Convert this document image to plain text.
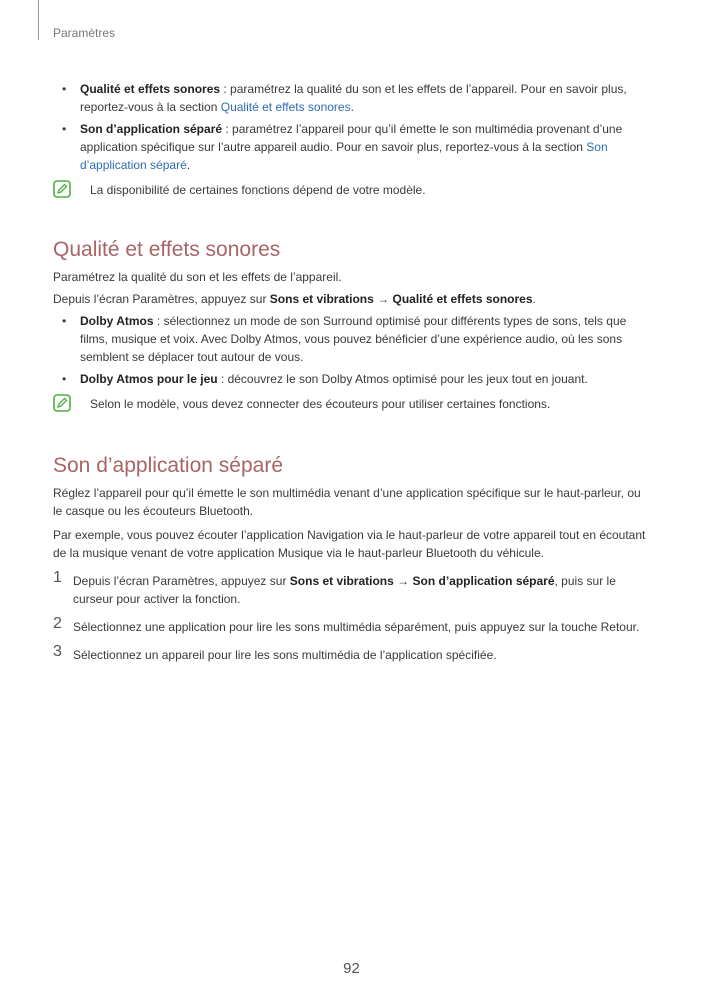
Paramètres
• Qualité et effets sonores : paramétrez la qualité du son et les effets de l’appareil. Pour en savoir plus, reportez-vous à la section Qualité et effets sonores.
• Son d’application séparé : paramétrez l’appareil pour qu’il émette le son multimédia provenant d’une application spécifique sur l’autre appareil audio. Pour en savoir plus, reportez-vous à la section Son d’application séparé.
La disponibilité de certaines fonctions dépend de votre modèle.
Qualité et effets sonores

Paramétrez la qualité du son et les effets de l’appareil.

Depuis l’écran Paramètres, appuyez sur Sons et vibrations → Qualité et effets sonores.

• Dolby Atmos : sélectionnez un mode de son Surround optimisé pour différents types de sons, tels que films, musique et voix. Avec Dolby Atmos, vous pouvez bénéficier d’une expérience audio, où les sons semblent se déplacer tout autour de vous.
• Dolby Atmos pour le jeu : découvrez le son Dolby Atmos optimisé pour les jeux tout en jouant.
Selon le modèle, vous devez connecter des écouteurs pour utiliser certaines fonctions.
Son d’application séparé

Réglez l’appareil pour qu’il émette le son multimédia venant d’une application spécifique sur le haut-parleur, ou le casque ou les écouteurs Bluetooth.

Par exemple, vous pouvez écouter l’application Navigation via le haut-parleur de votre appareil tout en écoutant de la musique venant de votre application Musique via le haut-parleur Bluetooth du véhicule.

1 Depuis l’écran Paramètres, appuyez sur Sons et vibrations → Son d’application séparé, puis sur le curseur pour activer la fonction.
2 Sélectionnez une application pour lire les sons multimédia séparément, puis appuyez sur la touche Retour.
3 Sélectionnez un appareil pour lire les sons multimédia de l’application spécifiée.
92
